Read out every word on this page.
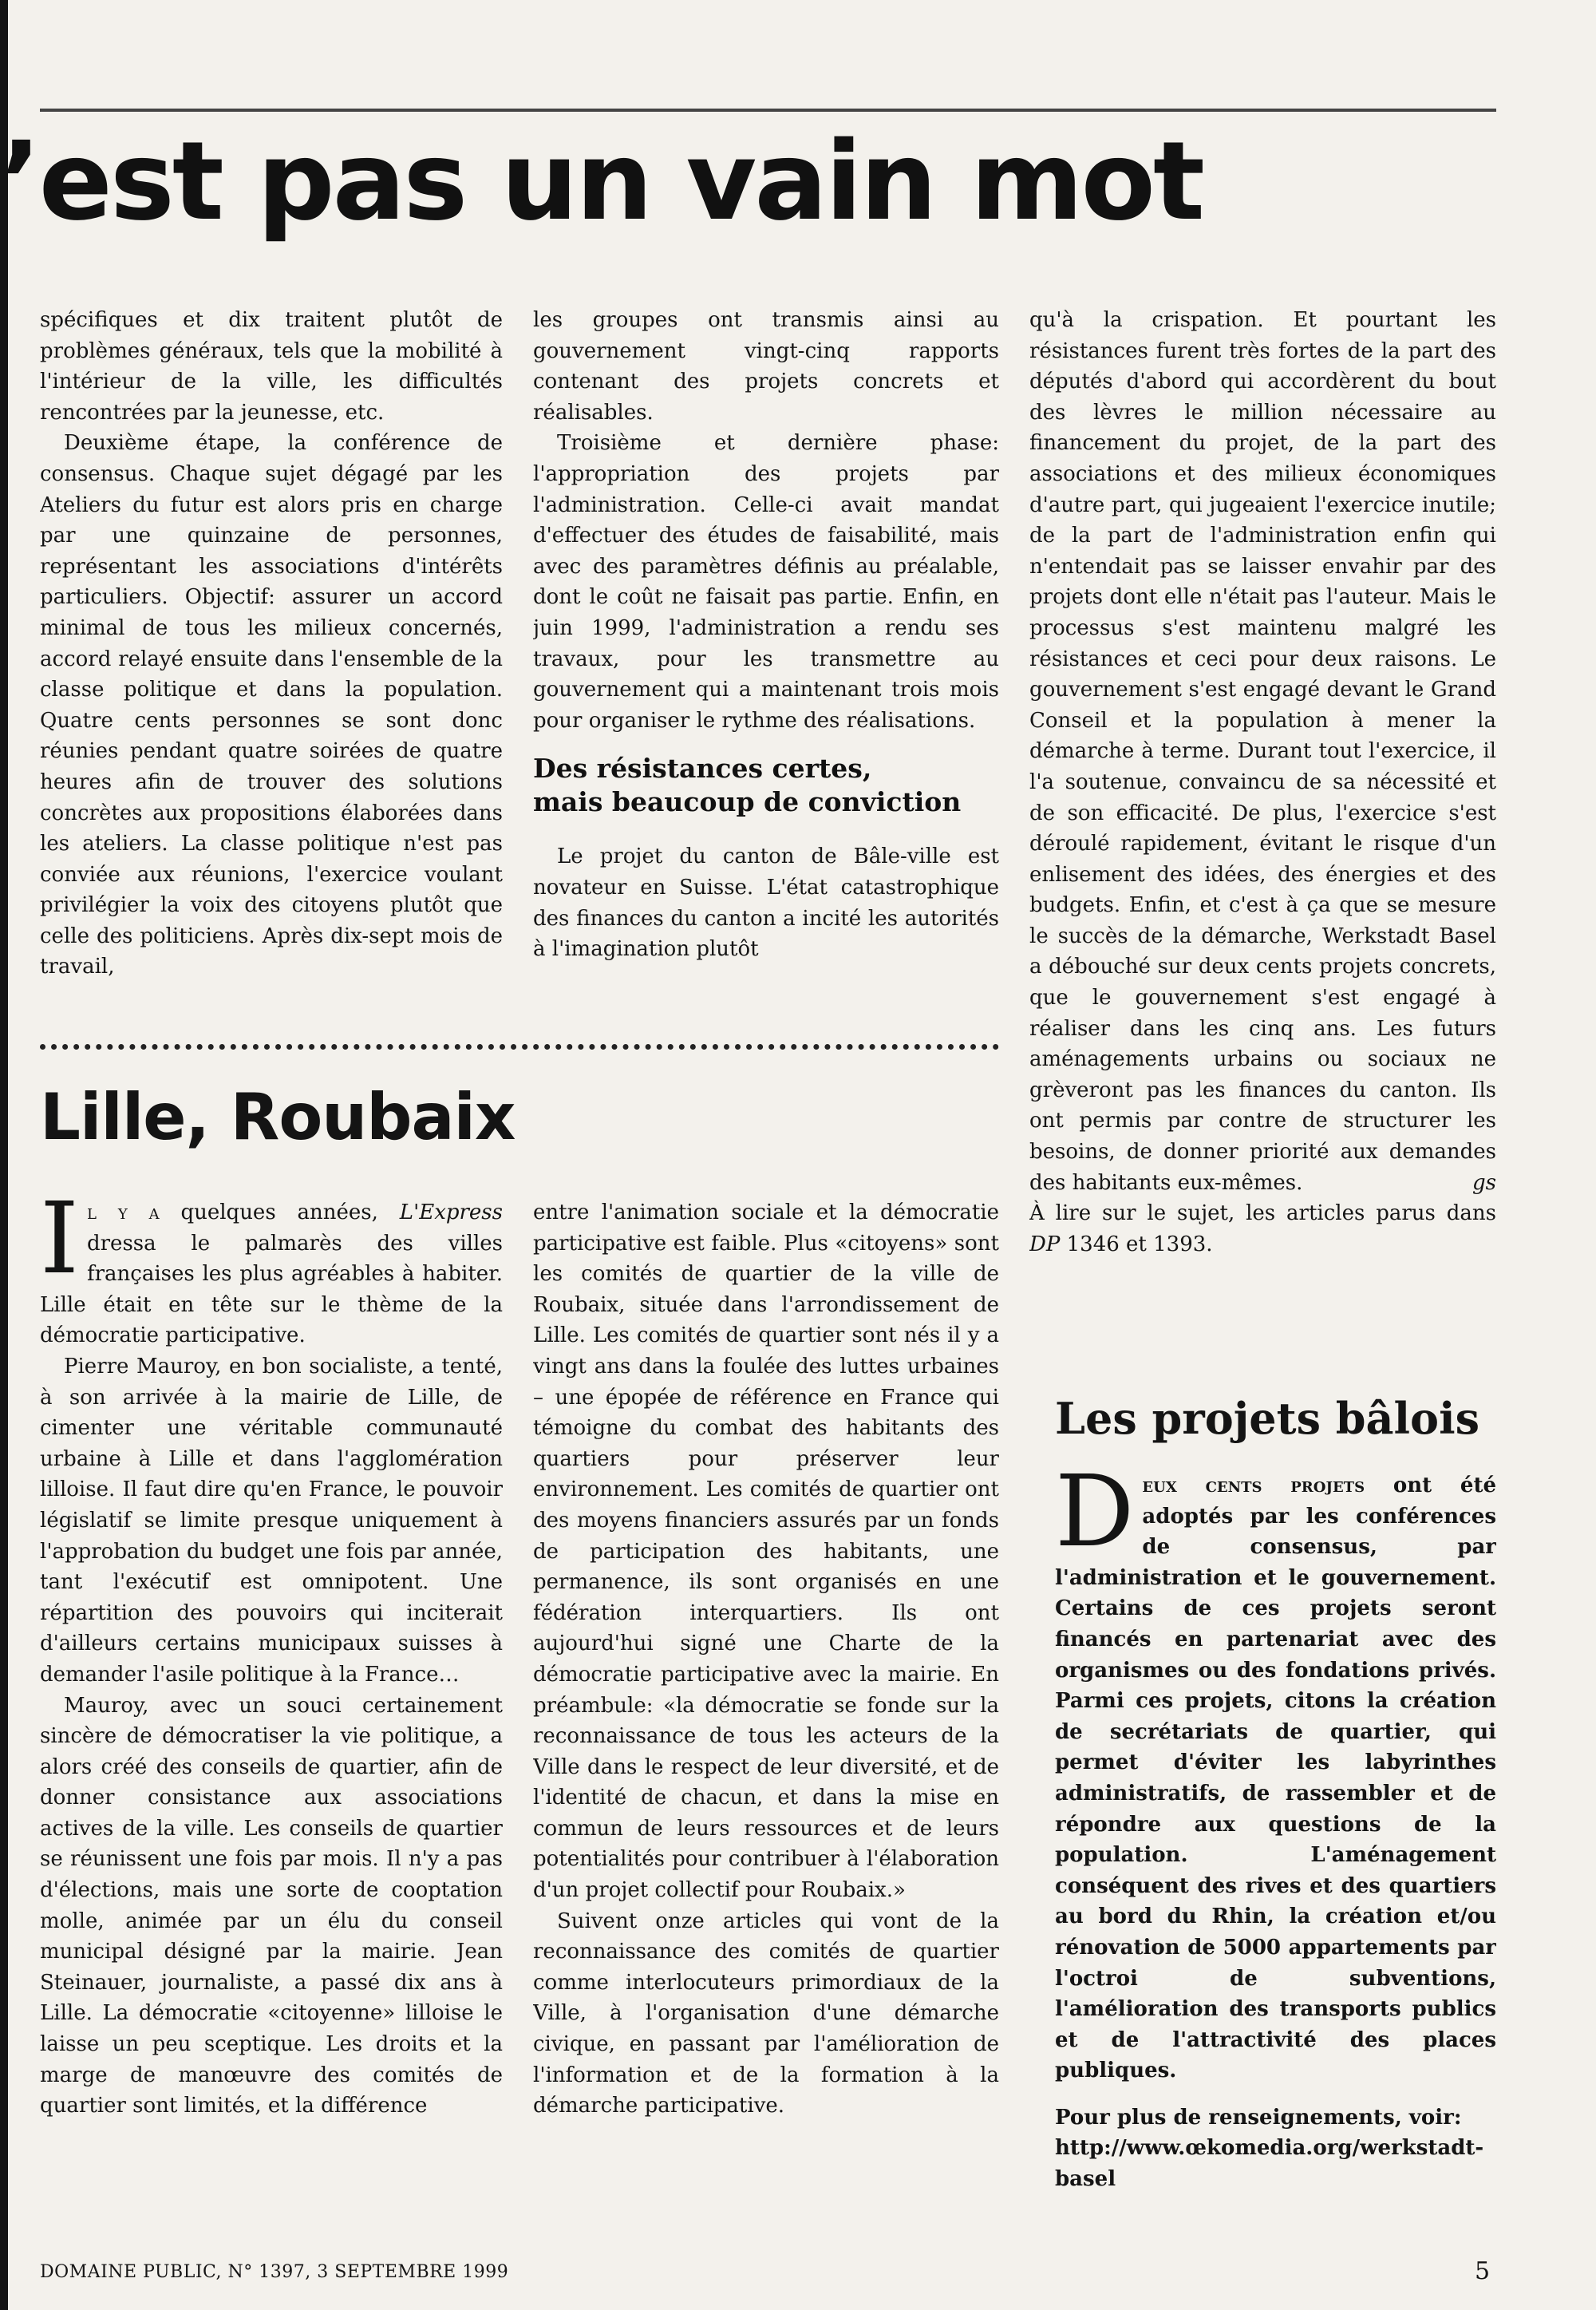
’est pas un vain mot

spécifiques et dix traitent plutôt de problèmes généraux, tels que la mobilité à l'intérieur de la ville, les difficultés rencontrées par la jeunesse, etc.

Deuxième étape, la conférence de consensus. Chaque sujet dégagé par les Ateliers du futur est alors pris en charge par une quinzaine de personnes, représentant les associations d'intérêts particuliers. Objectif: assurer un accord minimal de tous les milieux concernés, accord relayé ensuite dans l'ensemble de la classe politique et dans la population. Quatre cents personnes se sont donc réunies pendant quatre soirées de quatre heures afin de trouver des solutions concrètes aux propositions élaborées dans les ateliers. La classe politique n'est pas conviée aux réunions, l'exercice voulant privilégier la voix des citoyens plutôt que celle des politiciens. Après dix-sept mois de travail,

les groupes ont transmis ainsi au gouvernement vingt-cinq rapports contenant des projets concrets et réalisables.

Troisième et dernière phase: l'appropriation des projets par l'administration. Celle-ci avait mandat d'effectuer des études de faisabilité, mais avec des paramètres définis au préalable, dont le coût ne faisait pas partie. Enfin, en juin 1999, l'administration a rendu ses travaux, pour les transmettre au gouvernement qui a maintenant trois mois pour organiser le rythme des réalisations.

Des résistances certes,
mais beaucoup de conviction

Le projet du canton de Bâle-ville est novateur en Suisse. L'état catastrophique des finances du canton a incité les autorités à l'imagination plutôt

qu'à la crispation. Et pourtant les résistances furent très fortes de la part des députés d'abord qui accordèrent du bout des lèvres le million nécessaire au financement du projet, de la part des associations et des milieux économiques d'autre part, qui jugeaient l'exercice inutile; de la part de l'administration enfin qui n'entendait pas se laisser envahir par des projets dont elle n'était pas l'auteur. Mais le processus s'est maintenu malgré les résistances et ceci pour deux raisons. Le gouvernement s'est engagé devant le Grand Conseil et la population à mener la démarche à terme. Durant tout l'exercice, il l'a soutenue, convaincu de sa nécessité et de son efficacité. De plus, l'exercice s'est déroulé rapidement, évitant le risque d'un enlisement des idées, des énergies et des budgets. Enfin, et c'est à ça que se mesure le succès de la démarche, Werkstadt Basel a débouché sur deux cents projets concrets, que le gouvernement s'est engagé à réaliser dans les cinq ans. Les futurs aménagements urbains ou sociaux ne grèveront pas les finances du canton. Ils ont permis par contre de structurer les besoins, de donner priorité aux demandes des habitants eux-mêmes.	gs

À lire sur le sujet, les articles parus dans DP 1346 et 1393.

Lille, Roubaix

Il y a quelques années, L'Express dressa le palmarès des villes françaises les plus agréables à habiter. Lille était en tête sur le thème de la démocratie participative.

Pierre Mauroy, en bon socialiste, a tenté, à son arrivée à la mairie de Lille, de cimenter une véritable communauté urbaine à Lille et dans l'agglomération lilloise. Il faut dire qu'en France, le pouvoir législatif se limite presque uniquement à l'approbation du budget une fois par année, tant l'exécutif est omnipotent. Une répartition des pouvoirs qui inciterait d'ailleurs certains municipaux suisses à demander l'asile politique à la France…

Mauroy, avec un souci certainement sincère de démocratiser la vie politique, a alors créé des conseils de quartier, afin de donner consistance aux associations actives de la ville. Les conseils de quartier se réunissent une fois par mois. Il n'y a pas d'élections, mais une sorte de cooptation molle, animée par un élu du conseil municipal désigné par la mairie. Jean Steinauer, journaliste, a passé dix ans à Lille. La démocratie «citoyenne» lilloise le laisse un peu sceptique. Les droits et la marge de manœuvre des comités de quartier sont limités, et la différence

entre l'animation sociale et la démocratie participative est faible. Plus «citoyens» sont les comités de quartier de la ville de Roubaix, située dans l'arrondissement de Lille. Les comités de quartier sont nés il y a vingt ans dans la foulée des luttes urbaines – une épopée de référence en France qui témoigne du combat des habitants des quartiers pour préserver leur environnement. Les comités de quartier ont des moyens financiers assurés par un fonds de participation des habitants, une permanence, ils sont organisés en une fédération interquartiers. Ils ont aujourd'hui signé une Charte de la démocratie participative avec la mairie. En préambule: «la démocratie se fonde sur la reconnaissance de tous les acteurs de la Ville dans le respect de leur diversité, et de l'identité de chacun, et dans la mise en commun de leurs ressources et de leurs potentialités pour contribuer à l'élaboration d'un projet collectif pour Roubaix.»

Suivent onze articles qui vont de la reconnaissance des comités de quartier comme interlocuteurs primordiaux de la Ville, à l'organisation d'une démarche civique, en passant par l'amélioration de l'information et de la formation à la démarche participative.

Les projets bâlois

Deux cents projets ont été adoptés par les conférences de consensus, par l'administration et le gouvernement. Certains de ces projets seront financés en partenariat avec des organismes ou des fondations privés. Parmi ces projets, citons la création de secrétariats de quartier, qui permet d'éviter les labyrinthes administratifs, de rassembler et de répondre aux questions de la population. L'aménagement conséquent des rives et des quartiers au bord du Rhin, la création et/ou rénovation de 5000 appartements par l'octroi de subventions, l'amélioration des transports publics et de l'attractivité des places publiques.

Pour plus de renseignements, voir: http://www.œkomedia.org/werkstadt-basel

DOMAINE PUBLIC, N° 1397, 3 SEPTEMBRE 1999	5
